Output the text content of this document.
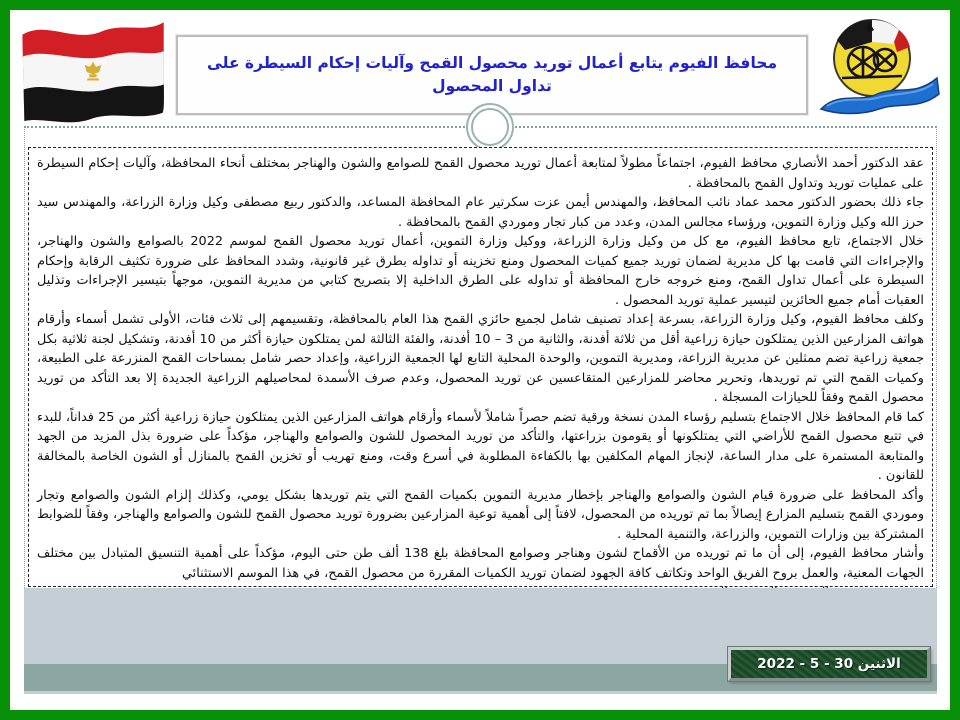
محافظ الفيوم يتابع أعمال توريد محصول القمح وآليات إحكام السيطرة على تداول المحصول

عقد الدكتور أحمد الأنصاري محافظ الفيوم، اجتماعاً مطولاً لمتابعة أعمال توريد محصول القمح للصوامع والشون والهناجر بمختلف أنحاء المحافظة، وآليات إحكام السيطرة على عمليات توريد وتداول القمح بالمحافظة .

جاء ذلك بحضور الدكتور محمد عماد نائب المحافظ، والمهندس أيمن عزت سكرتير عام المحافظة المساعد، والدكتور ربيع مصطفى وكيل وزارة الزراعة، والمهندس سيد حرز الله وكيل وزارة التموين، ورؤساء مجالس المدن، وعدد من كبار تجار وموردي القمح بالمحافظة .

خلال الاجتماع، تابع محافظ الفيوم، مع كل من وكيل وزارة الزراعة، ووكيل وزارة التموين، أعمال توريد محصول القمح لموسم 2022 بالصوامع والشون والهناجر، والإجراءات التي قامت بها كل مديرية لضمان توريد جميع كميات المحصول ومنع تخزينه أو تداوله بطرق غير قانونية، وشدد المحافظ على ضرورة تكثيف الرقابة وإحكام السيطرة على أعمال تداول القمح، ومنع خروجه خارج المحافظة أو تداوله على الطرق الداخلية إلا بتصريح كتابي من مديرية التموين، موجهاً بتيسير الإجراءات وتذليل العقبات أمام جميع الحائزين لتيسير عملية توريد المحصول .

وكلف محافظ الفيوم، وكيل وزارة الزراعة، بسرعة إعداد تصنيف شامل لجميع حائزي القمح هذا العام بالمحافظة، وتقسيمهم إلى ثلاث فئات، الأولى تشمل أسماء وأرقام هواتف المزارعين الذين يمتلكون حيازة زراعية أقل من ثلاثة أفدنة، والثانية من 3 – 10 أفدنة، والفئة الثالثة لمن يمتلكون حيازة أكثر من 10 أفدنة، وتشكيل لجنة ثلاثية بكل جمعية زراعية تضم ممثلين عن مديرية الزراعة، ومديرية التموين، والوحدة المحلية التابع لها الجمعية الزراعية، وإعداد حصر شامل بمساحات القمح المنزرعة على الطبيعة، وكميات القمح التي تم توريدها، وتحرير محاضر للمزارعين المتقاعسين عن توريد المحصول، وعدم صرف الأسمدة لمحاصيلهم الزراعية الجديدة إلا بعد التأكد من توريد محصول القمح وفقاً للحيازات المسجلة .

كما قام المحافظ خلال الاجتماع بتسليم رؤساء المدن نسخة ورقية تضم حصراً شاملاً لأسماء وأرقام هواتف المزارعين الذين يمتلكون حيازة زراعية أكثر من 25 فداناً، للبدء في تتبع محصول القمح للأراضي التي يمتلكونها أو يقومون بزراعتها، والتأكد من توريد المحصول للشون والصوامع والهناجر، مؤكداً على ضرورة بذل المزيد من الجهد والمتابعة المستمرة على مدار الساعة، لإنجاز المهام المكلفين بها بالكفاءة المطلوبة في أسرع وقت، ومنع تهريب أو تخزين القمح بالمنازل أو الشون الخاصة بالمخالفة للقانون .

وأكد المحافظ على ضرورة قيام الشون والصوامع والهناجر بإخطار مديرية التموين بكميات القمح التي يتم توريدها بشكل يومي، وكذلك إلزام الشون والصوامع وتجار وموردي القمح بتسليم المزارع إيصالاً بما تم توريده من المحصول، لافتاً إلى أهمية توعية المزارعين بضرورة توريد محصول القمح للشون والصوامع والهناجر، وفقاً للضوابط المشتركة بين وزارات التموين، والزراعة، والتنمية المحلية .

وأشار محافظ الفيوم، إلى أن ما تم توريده من الأقماح لشون وهناجر وصوامع المحافظة بلغ 138 ألف طن حتى اليوم، مؤكداً على أهمية التنسيق المتبادل بين مختلف الجهات المعنية، والعمل بروح الفريق الواحد وتكاتف كافة الجهود لضمان توريد الكميات المقررة من محصول القمح، في هذا الموسم الاستثنائي

الاثنين 30 - 5 - 2022
